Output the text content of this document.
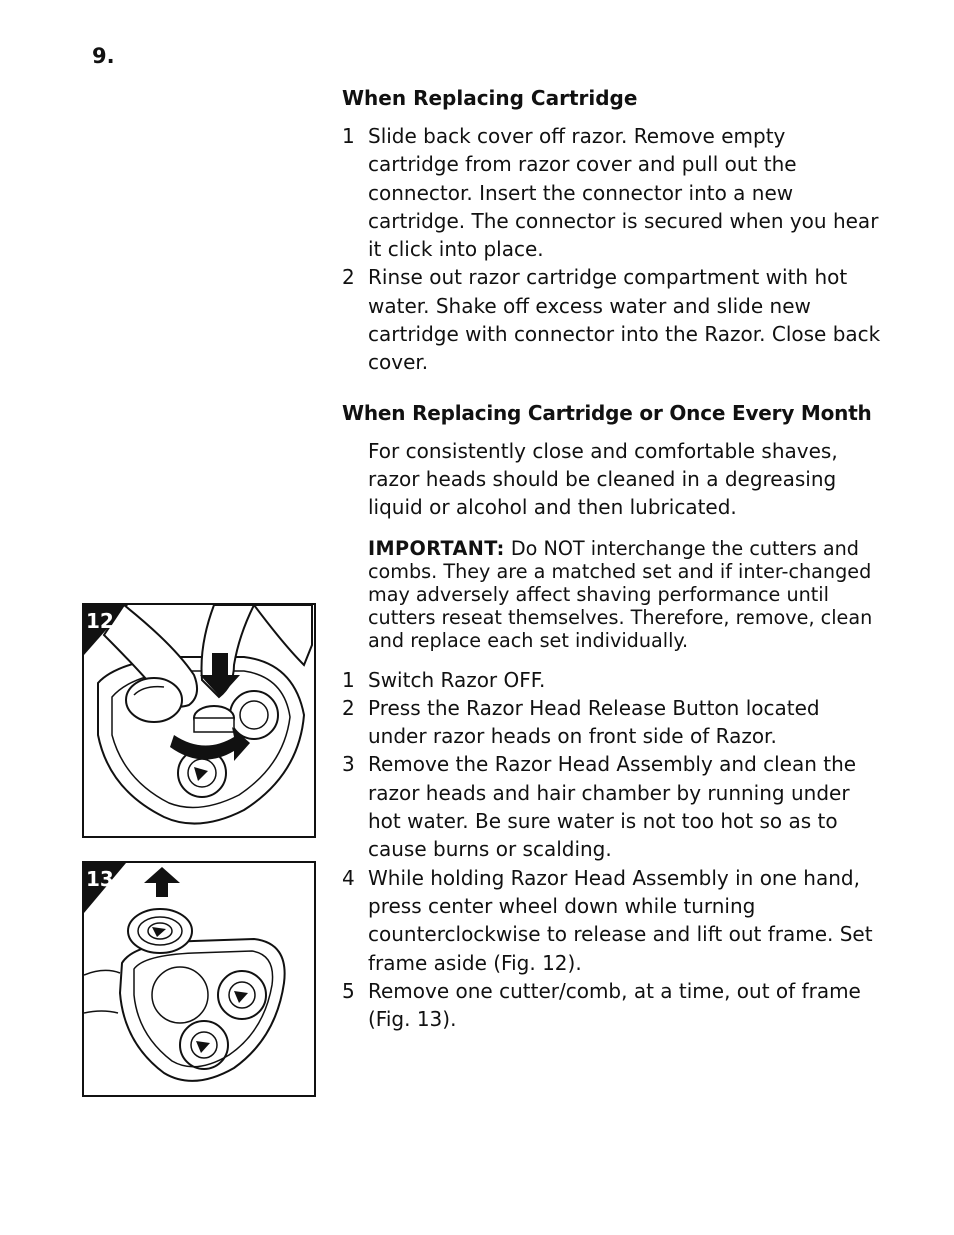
9.
When Replacing Cartridge
1 Slide back cover off razor. Remove empty cartridge from razor cover and pull out the connector. Insert the connector into a new cartridge. The connector is secured when you hear it click into place.
2 Rinse out razor cartridge compartment with hot water. Shake off excess water and slide new cartridge with connector into the Razor. Close back cover.
When Replacing Cartridge or Once Every Month

For consistently close and comfortable shaves, razor heads should be cleaned in a degreasing liquid or alcohol and then lubricated.

IMPORTANT: Do NOT interchange the cutters and combs. They are a matched set and if inter-changed may adversely affect shaving performance until cutters reseat themselves. Therefore, remove, clean and replace each set individually.

1 Switch Razor OFF.
2 Press the Razor Head Release Button located under razor heads on front side of Razor.
3 Remove the Razor Head Assembly and clean the razor heads and hair chamber by running under hot water. Be sure water is not too hot so as to cause burns or scalding.
4 While holding Razor Head Assembly in one hand, press center wheel down while turning counterclockwise to release and lift out frame. Set frame aside (Fig. 12).
5 Remove one cutter/comb, at a time, out of frame (Fig. 13).
12
13
